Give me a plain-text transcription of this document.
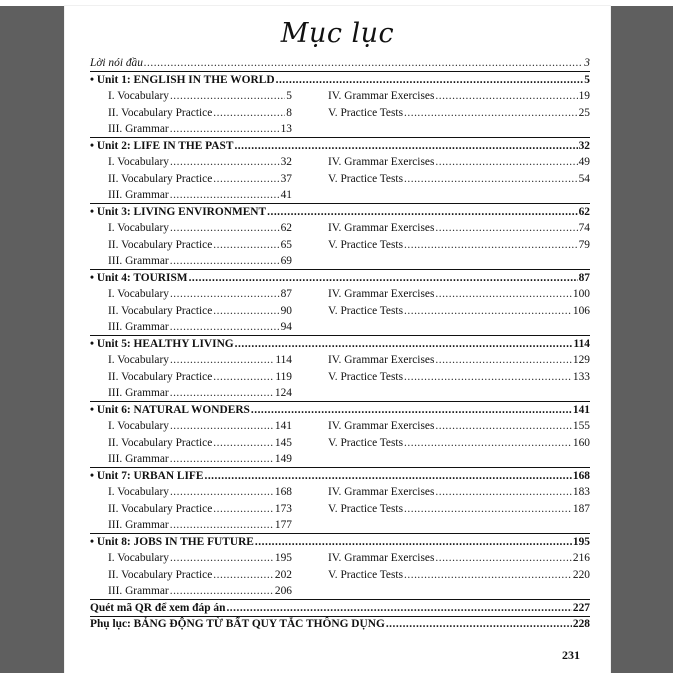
Mục lục
Lời nói đầu .....	3
• Unit 1: ENGLISH IN THE WORLD .....	5
I. Vocabulary .....	5
II. Vocabulary Practice .....	8
III. Grammar .....	13
IV. Grammar Exercises .....	19
V. Practice Tests .....	25
• Unit 2: LIFE IN THE PAST .....	32
I. Vocabulary .....	32
II. Vocabulary Practice .....	37
III. Grammar .....	41
IV. Grammar Exercises .....	49
V. Practice Tests .....	54
• Unit 3: LIVING ENVIRONMENT .....	62
I. Vocabulary .....	62
II. Vocabulary Practice .....	65
III. Grammar .....	69
IV. Grammar Exercises .....	74
V. Practice Tests .....	79
• Unit 4: TOURISM .....	87
I. Vocabulary .....	87
II. Vocabulary Practice .....	90
III. Grammar .....	94
IV. Grammar Exercises .....	100
V. Practice Tests .....	106
• Unit 5: HEALTHY LIVING .....	114
I. Vocabulary .....	114
II. Vocabulary Practice .....	119
III. Grammar .....	124
IV. Grammar Exercises .....	129
V. Practice Tests .....	133
• Unit 6: NATURAL WONDERS .....	141
I. Vocabulary .....	141
II. Vocabulary Practice .....	145
III. Grammar .....	149
IV. Grammar Exercises .....	155
V. Practice Tests .....	160
• Unit 7: URBAN LIFE .....	168
I. Vocabulary .....	168
II. Vocabulary Practice .....	173
III. Grammar .....	177
IV. Grammar Exercises .....	183
V. Practice Tests .....	187
• Unit 8: JOBS IN THE FUTURE .....	195
I. Vocabulary .....	195
II. Vocabulary Practice .....	202
III. Grammar .....	206
IV. Grammar Exercises .....	216
V. Practice Tests .....	220
Quét mã QR để xem đáp án .....	227
Phụ lục: BẢNG ĐỘNG TỪ BẤT QUY TẮC THÔNG DỤNG .....	228
231
